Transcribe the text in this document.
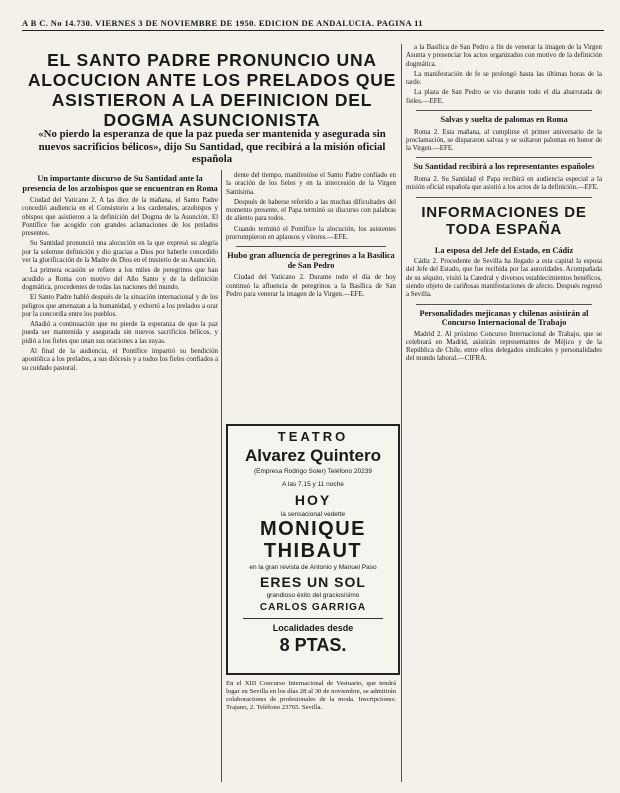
A B C. No 14.730. VIERNES 3 DE NOVIEMBRE DE 1950. EDICION DE ANDALUCIA. PAGINA 11
EL SANTO PADRE PRONUNCIO UNA ALOCUCION ANTE LOS PRELADOS QUE ASISTIERON A LA DEFINICION DEL DOGMA ASUNCIONISTA
«No pierdo la esperanza de que la paz pueda ser mantenida y asegurada sin nuevos sacrificios bélicos», dijo Su Santidad, que recibirá a la misión oficial española
Un importante discurso de Su Santidad ante la presencia de los arzobispos que se encuentran en Roma

Ciudad del Vaticano 2. A las diez de la mañana, el Santo Padre concedió audiencia en el Consistorio a los cardenales, arzobispos y obispos que asistieron a la definición del Dogma de la Asunción. El Pontífice fue acogido con grandes aclamaciones de los prelados presentes.

Su Santidad pronunció una alocución en la que expresó su alegría por la solemne definición y dio gracias a Dios por haberle concedido ver la glorificación de la Madre de Dios en el misterio de su Asunción.

La primera ocasión se refiere a los miles de peregrinos que han acudido a Roma con motivo del Año Santo y de la definición dogmática, procedentes de todas las naciones del mundo.

El Santo Padre habló después de la situación internacional y de los peligros que amenazan a la humanidad, y exhortó a los prelados a orar por la concordia entre los pueblos.

Añadió a continuación que no pierde la esperanza de que la paz pueda ser mantenida y asegurada sin nuevos sacrificios bélicos, y pidió a los fieles que unan sus oraciones a las suyas.

Al final de la audiencia, el Pontífice impartió su bendición apostólica a los prelados, a sus diócesis y a todos los fieles confiados a su cuidado pastoral.

dente del tiempo, manifestóse el Santo Padre confiado en la oración de los fieles y en la intercesión de la Virgen Santísima.

Después de haberse referido a las muchas dificultades del momento presente, el Papa terminó su discurso con palabras de aliento para todos.

Cuando terminó el Pontífice la alocución, los asistentes prorrumpieron en aplausos y vítores.—EFE.

Hubo gran afluencia de peregrinos a la Basílica de San Pedro

Ciudad del Vaticano 2. Durante todo el día de hoy continuó la afluencia de peregrinos a la Basílica de San Pedro para venerar la imagen de la Virgen.—EFE.

TEATRO
Alvarez Quintero
(Empresa Rodrigo Soler) Teléfono 20239
A las 7.15 y 11 noche
HOY
la sensacional vedette
MONIQUE
THIBAUT
en la gran revista de Antonio y Manuel Paso
ERES UN SOL
grandioso éxito del graciosísimo
CARLOS GARRIGA
Localidades desde
8 PTAS.
En el XIII Concurso Internacional de Vestuario, que tendrá lugar en Sevilla en los días 28 al 30 de noviembre, se admitirán colaboraciones de profesionales de la moda. Inscripciones: Trajano, 2. Teléfono 23765. Sevilla.

a la Basílica de San Pedro a fin de venerar la imagen de la Virgen Asunta y presenciar los actos organizados con motivo de la definición dogmática.

La manifestación de fe se prolongó hasta las últimas horas de la tarde.

La plaza de San Pedro se vio durante todo el día abarrotada de fieles.—EFE.

Salvas y suelta de palomas en Roma

Roma 2. Esta mañana, al cumplirse el primer aniversario de la proclamación, se dispararon salvas y se soltaron palomas en honor de la Virgen.—EFE.

Su Santidad recibirá a los representantes españoles

Roma 2. Su Santidad el Papa recibirá en audiencia especial a la misión oficial española que asistió a los actos de la definición.—EFE.

INFORMACIONES DE TODA ESPAÑA
La esposa del Jefe del Estado, en Cádiz

Cádiz 2. Procedente de Sevilla ha llegado a esta capital la esposa del Jefe del Estado, que fue recibida por las autoridades. Acompañada de su séquito, visitó la Catedral y diversos establecimientos benéficos, siendo objeto de cariñosas manifestaciones de afecto. Después regresó a Sevilla.

Personalidades mejicanas y chilenas asistirán al Concurso Internacional de Trabajo

Madrid 2. Al próximo Concurso Internacional de Trabajo, que se celebrará en Madrid, asistirán representantes de Méjico y de la República de Chile, entre ellos delegados sindicales y personalidades del mundo laboral.—CIFRA.
